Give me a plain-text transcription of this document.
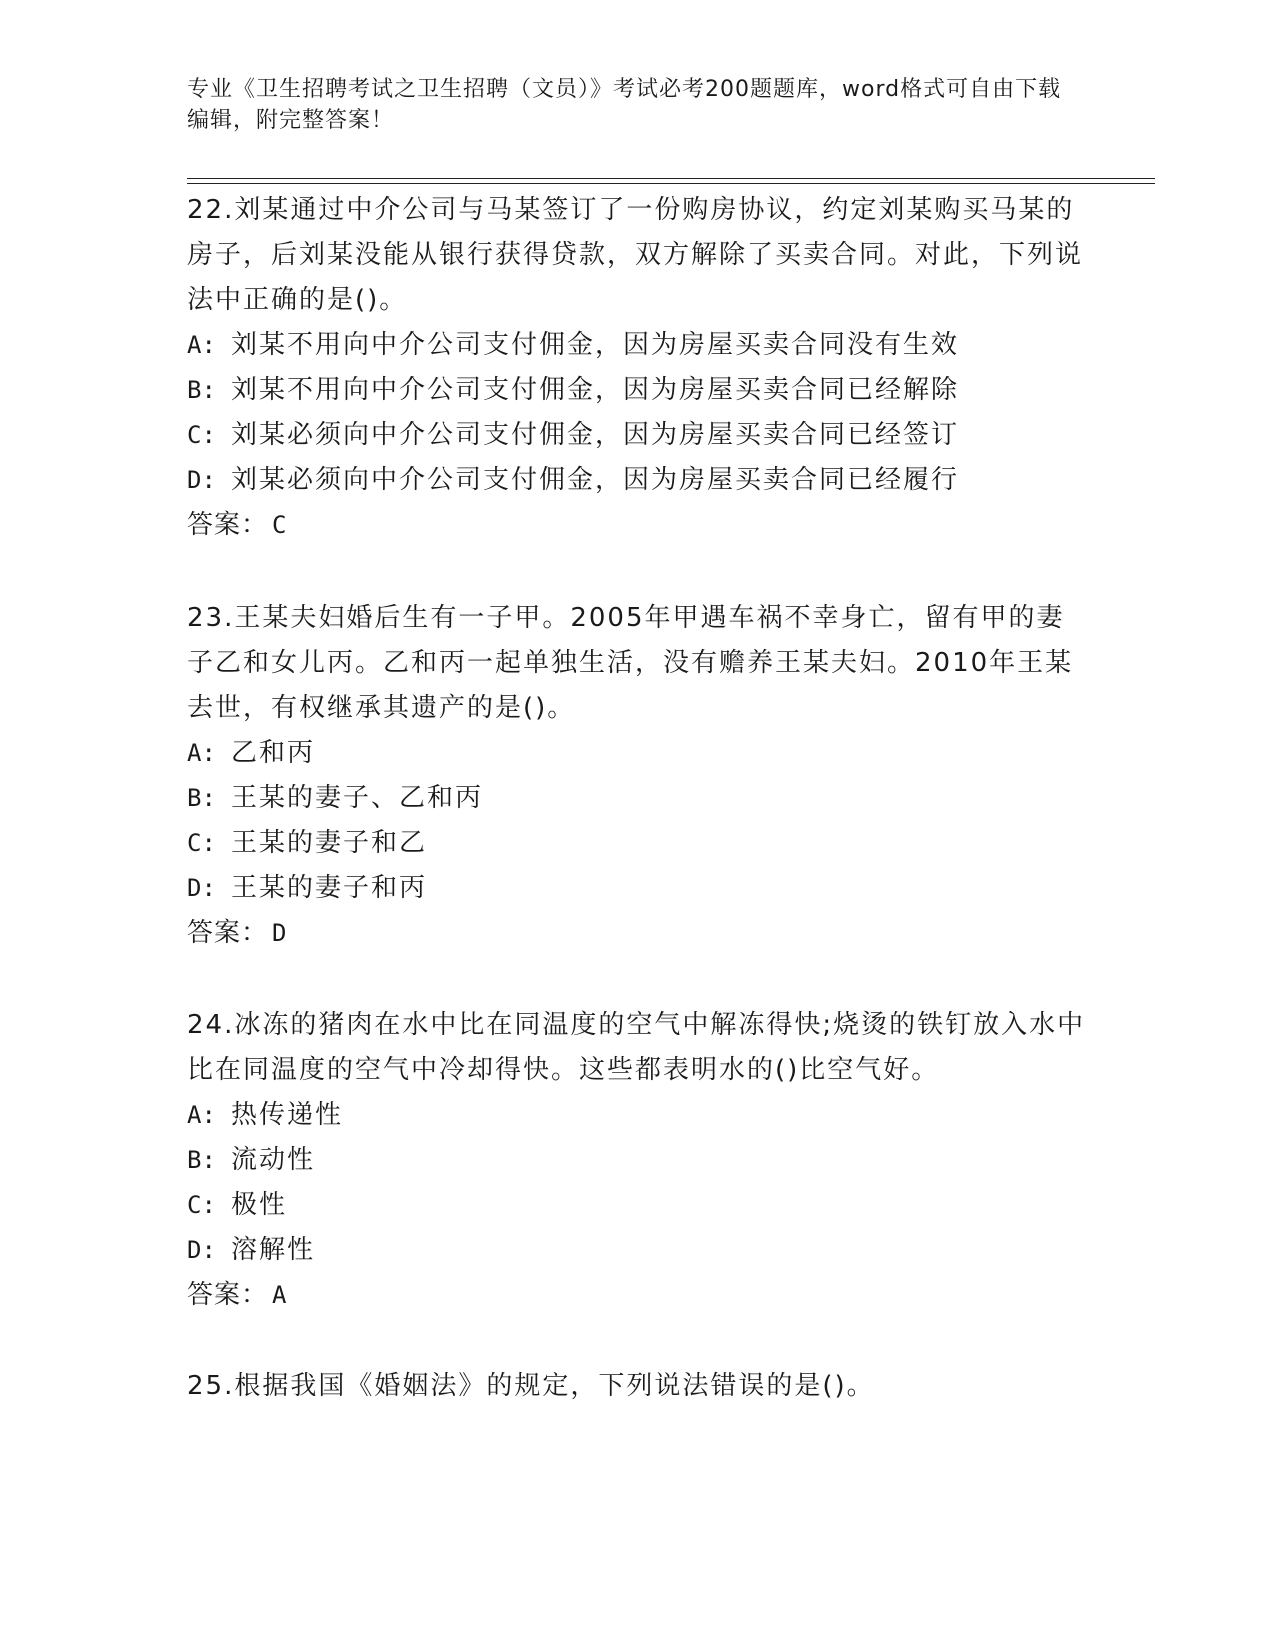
专业《卫生招聘考试之卫生招聘（文员）》考试必考200题题库，word格式可自由下载编辑，附完整答案！

22.刘某通过中介公司与马某签订了一份购房协议，约定刘某购买马某的房子，后刘某没能从银行获得贷款，双方解除了买卖合同。对此，下列说法中正确的是()。

A: 刘某不用向中介公司支付佣金，因为房屋买卖合同没有生效
B: 刘某不用向中介公司支付佣金，因为房屋买卖合同已经解除
C: 刘某必须向中介公司支付佣金，因为房屋买卖合同已经签订
D: 刘某必须向中介公司支付佣金，因为房屋买卖合同已经履行
答案： C

23.王某夫妇婚后生有一子甲。2005年甲遇车祸不幸身亡，留有甲的妻子乙和女儿丙。乙和丙一起单独生活，没有赡养王某夫妇。2010年王某去世，有权继承其遗产的是()。

A: 乙和丙
B: 王某的妻子、乙和丙
C: 王某的妻子和乙
D: 王某的妻子和丙
答案： D

24.冰冻的猪肉在水中比在同温度的空气中解冻得快;烧烫的铁钉放入水中比在同温度的空气中冷却得快。这些都表明水的()比空气好。

A: 热传递性
B: 流动性
C: 极性
D: 溶解性
答案： A

25.根据我国《婚姻法》的规定，下列说法错误的是()。
